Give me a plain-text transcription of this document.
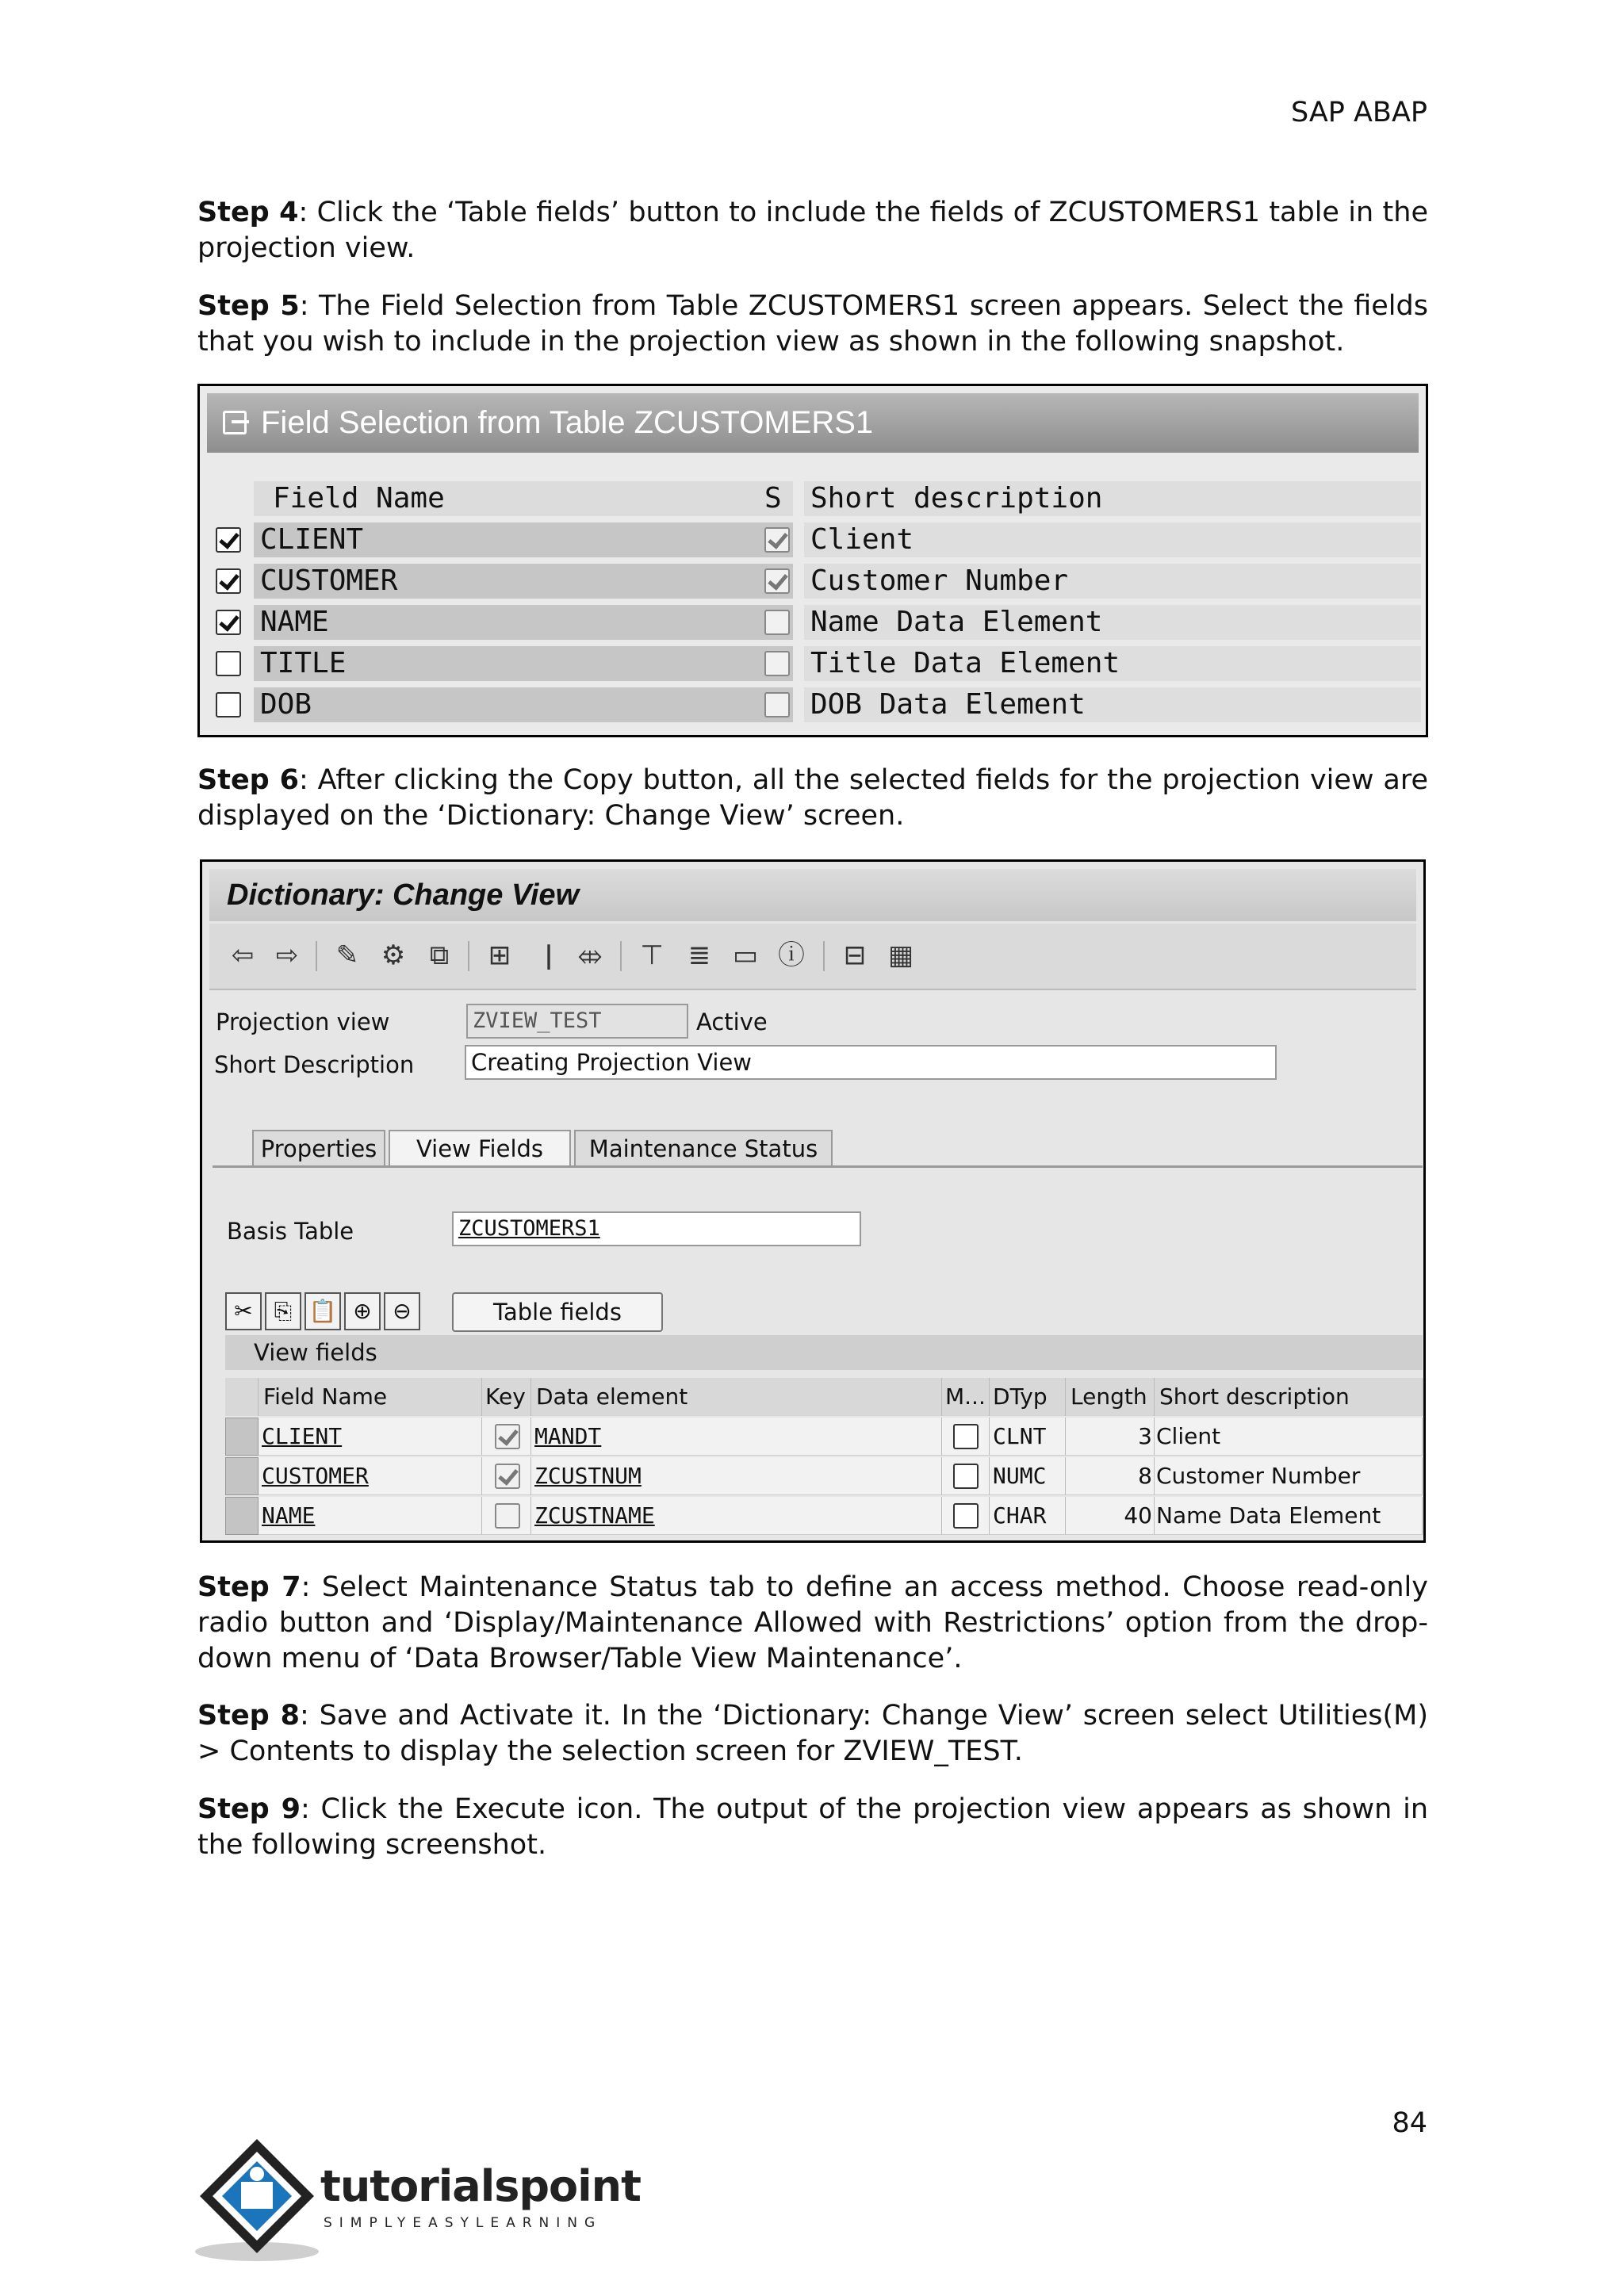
SAP ABAP

Step 4: Click the ‘Table fields’ button to include the fields of ZCUSTOMERS1 table in the projection view.

Step 5: The Field Selection from Table ZCUSTOMERS1 screen appears. Select the fields that you wish to include in the projection view as shown in the following snapshot.

Field Selection from Table ZCUSTOMERS1
Field Name	S Short description
CLIENT	Client
CUSTOMER	Customer Number
NAME	Name Data Element
TITLE	Title Data Element
DOB	DOB Data Element

Step 6: After clicking the Copy button, all the selected fields for the projection view are displayed on the ‘Dictionary: Change View’ screen.

Dictionary: Change View
⇦ ⇨ ✎ ⚙ ⧉ ⊞	ǀ ⤄ ⊤ ≣ ▭ ⓘ ⊟ ▦
Projection view	ZVIEW_TEST	Active
Short Description Creating Projection View
Properties	View Fields	Maintenance Status
Basis Table	ZCUSTOMERS1
✂ ⎘ 📋 ⊕ ⊖	Table fields
View fields
Field Name	Key Data element	M... DTyp	Length Short description
CLIENT	MANDT	CLNT	3 Client
CUSTOMER	ZCUSTNUM	NUMC	8 Customer Number
NAME	ZCUSTNAME	CHAR	40 Name Data Element

Step 7: Select Maintenance Status tab to define an access method. Choose read-only radio button and ‘Display/Maintenance Allowed with Restrictions’ option from the drop-down menu of ‘Data Browser/Table View Maintenance’.

Step 8: Save and Activate it. In the ‘Dictionary: Change View’ screen select Utilities(M) > Contents to display the selection screen for ZVIEW_TEST.

Step 9: Click the Execute icon. The output of the projection view appears as shown in the following screenshot.

84
tutorialspoint
SIMPLYEASYLEARNING
